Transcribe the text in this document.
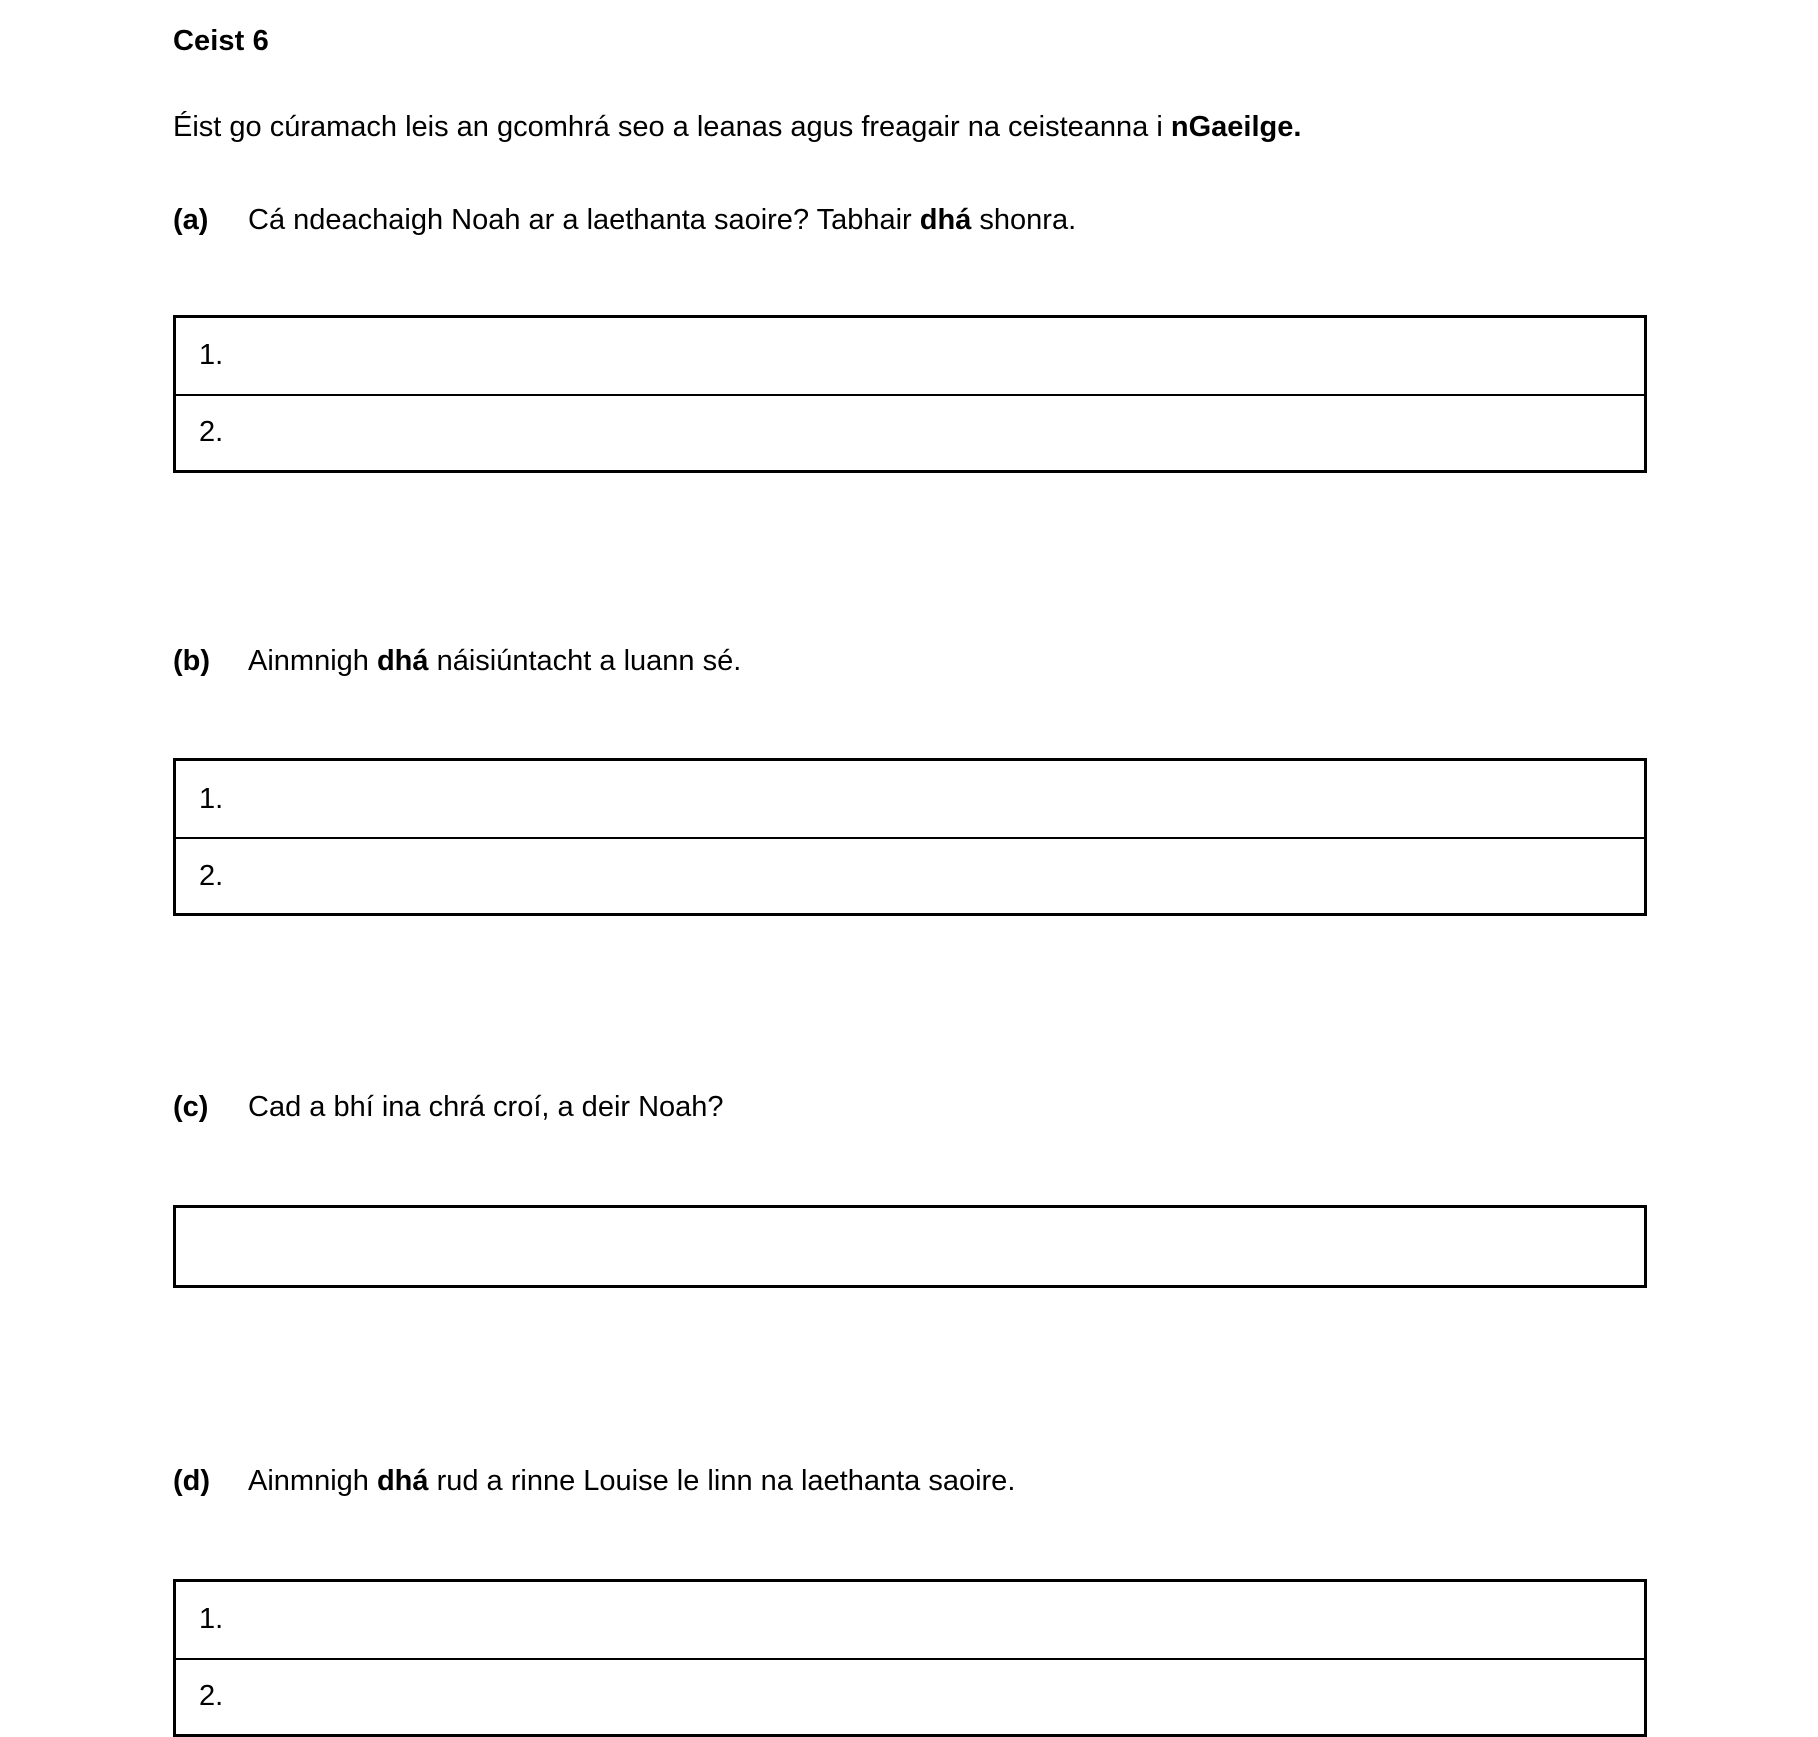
Ceist 6
Éist go cúramach leis an gcomhrá seo a leanas agus freagair na ceisteanna i nGaeilge.
(a)	Cá ndeachaigh Noah ar a laethanta saoire? Tabhair dhá shonra.
1.
2.
(b)	Ainmnigh dhá náisiúntacht a luann sé.
1.
2.
(c)	Cad a bhí ina chrá croí, a deir Noah?
(d)	Ainmnigh dhá rud a rinne Louise le linn na laethanta saoire.
1.
2.
